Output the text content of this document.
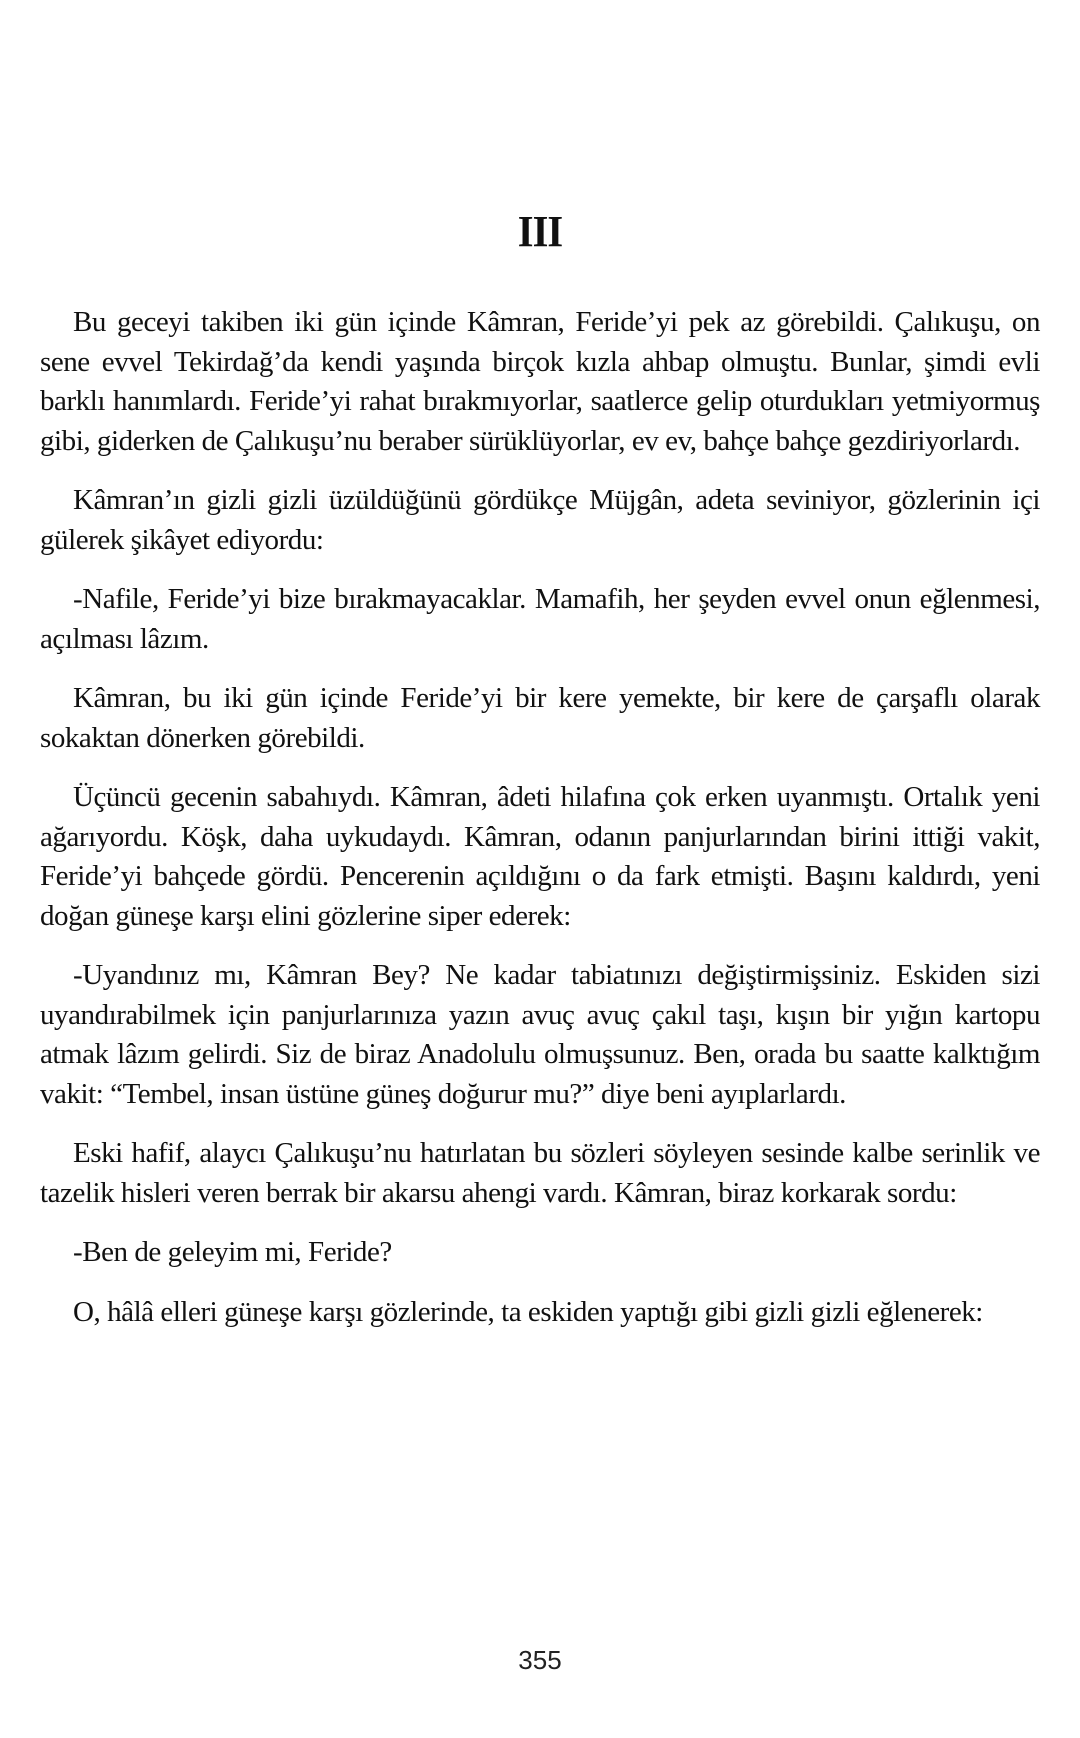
III

Bu geceyi takiben iki gün içinde Kâmran, Feride’yi pek az görebildi. Çalıkuşu, on sene evvel Tekirdağ’da kendi yaşında birçok kızla ahbap olmuştu. Bunlar, şimdi evli barklı hanımlardı. Feride’yi rahat bırakmıyorlar, saatlerce gelip oturdukları yetmiyormuş gibi, giderken de Çalıkuşu’nu beraber sürüklüyorlar, ev ev, bahçe bahçe gezdiriyorlardı.

Kâmran’ın gizli gizli üzüldüğünü gördükçe Müjgân, adeta seviniyor, gözlerinin içi gülerek şikâyet ediyordu:

-Nafile, Feride’yi bize bırakmayacaklar. Mamafih, her şeyden evvel onun eğlenmesi, açılması lâzım.

Kâmran, bu iki gün içinde Feride’yi bir kere yemekte, bir kere de çarşaflı olarak sokaktan dönerken görebildi.

Üçüncü gecenin sabahıydı. Kâmran, âdeti hilafına çok erken uyanmıştı. Ortalık yeni ağarıyordu. Köşk, daha uykudaydı. Kâmran, odanın panjurlarından birini ittiği vakit, Feride’yi bahçede gördü. Pencerenin açıldığını o da fark etmişti. Başını kaldırdı, yeni doğan güneşe karşı elini gözlerine siper ederek:

-Uyandınız mı, Kâmran Bey? Ne kadar tabiatınızı değiştirmişsiniz. Eskiden sizi uyandırabilmek için panjurlarınıza yazın avuç avuç çakıl taşı, kışın bir yığın kartopu atmak lâzım gelirdi. Siz de biraz Anadolulu olmuşsunuz. Ben, orada bu saatte kalktığım vakit: “Tembel, insan üstüne güneş doğurur mu?” diye beni ayıplarlardı.

Eski hafif, alaycı Çalıkuşu’nu hatırlatan bu sözleri söyleyen sesinde kalbe serinlik ve tazelik hisleri veren berrak bir akarsu ahengi vardı. Kâmran, biraz korkarak sordu:

-Ben de geleyim mi, Feride?

O, hâlâ elleri güneşe karşı gözlerinde, ta eskiden yaptığı gibi gizli gizli eğlenerek:

355
